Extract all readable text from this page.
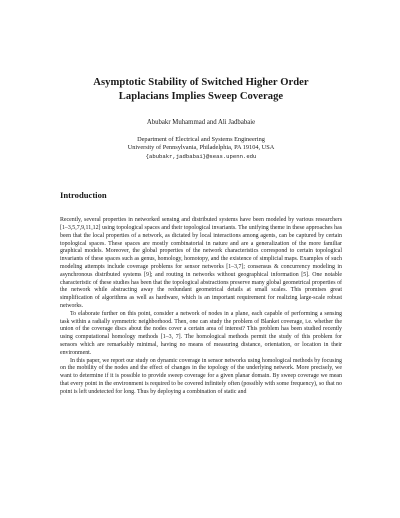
Asymptotic Stability of Switched Higher Order
Laplacians Implies Sweep Coverage
Abubakr Muhammad and Ali Jadbabaie
Department of Electrical and Systems Engineering
University of Pennsylvania, Philadelphia, PA 19104, USA
{abubakr,jadbabai}@seas.upenn.edu
Introduction

Recently, several properties in networked sensing and distributed systems have been modeled by various researchers [1–3,5,7,9,11,12] using topological spaces and their topological invariants. The unifying theme in these approaches has been that the local properties of a network, as dictated by local interactions among agents, can be captured by certain topological spaces. These spaces are mostly combinatorial in nature and are a generalization of the more familiar graphical models. Moreover, the global properties of the network characteristics correspond to certain topological invariants of these spaces such as genus, homology, homotopy, and the existence of simplicial maps. Examples of such modeling attempts include coverage problems for sensor networks [1–3,7]; consensus & concurrency modeling in asynchronous distributed systems [9]; and routing in networks without geographical information [5]. One notable characteristic of these studies has been that the topological abstractions preserve many global geometrical properties of the network while abstracting away the redundant geometrical details at small scales. This promises great simplification of algorithms as well as hardware, which is an important requirement for realizing large-scale robust networks.

To elaborate further on this point, consider a network of nodes in a plane, each capable of performing a sensing task within a radially symmetric neighborhood. Then, one can study the problem of Blanket coverage, i.e. whether the union of the coverage discs about the nodes cover a certain area of interest? This problem has been studied recently using computational homology methods [1–3, 7]. The homological methods permit the study of this problem for sensors which are remarkably minimal, having no means of measuring distance, orientation, or location in their environment.

In this paper, we report our study on dynamic coverage in sensor networks using homological methods by focusing on the mobility of the nodes and the effect of changes in the topology of the underlying network. More precisely, we want to determine if it is possible to provide sweep coverage for a given planar domain. By sweep coverage we mean that every point in the environment is required to be covered infinitely often (possibly with some frequency), so that no point is left undetected for long. Thus by deploying a combination of static and
